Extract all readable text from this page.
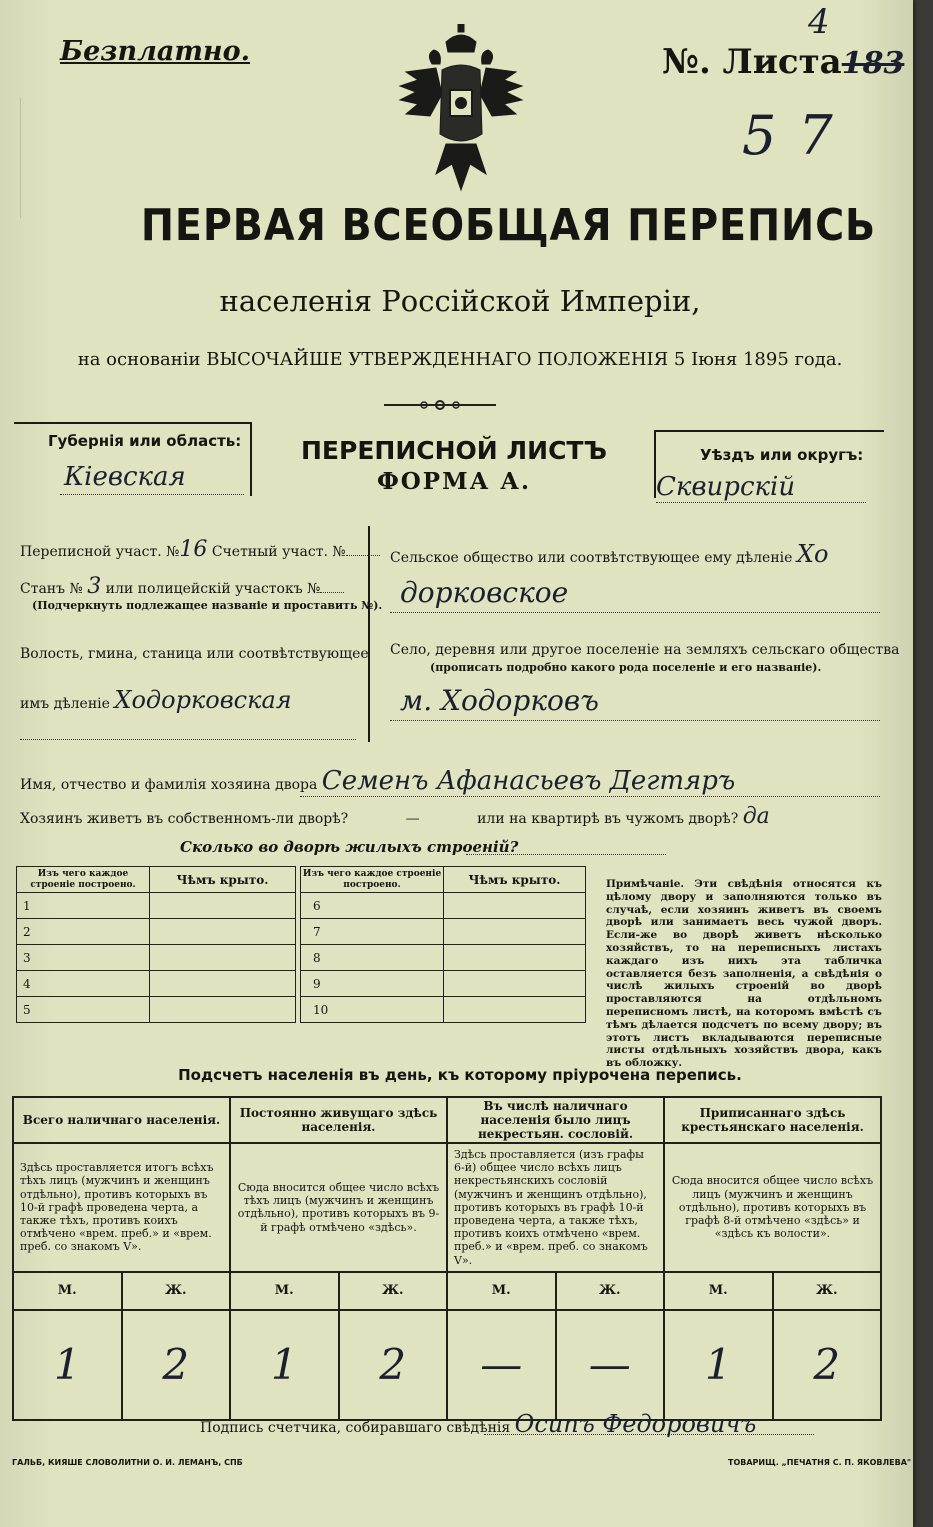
Безплатно.	№. Листа183
4
57
ПЕРВАЯ ВСЕОБЩАЯ ПЕРЕПИСЬ
населенія Россійской Имперіи,
на основаніи ВЫСОЧАЙШЕ УТВЕРЖДЕННАГО ПОЛОЖЕНІЯ 5 Іюня 1895 года.
Губернія или область:
Кіевская
ПЕРЕПИСНОЙ ЛИСТЪ
ФОРМА А.
Уѣздъ или округъ:
Сквирскій
Переписной участ. №16 Счетный участ. №
Станъ № 3 или полицейскій участокъ №
(Подчеркнуть подлежащее названіе и проставить №).
Волость, гмина, станица или соотвѣтствующее
имъ дѣленіе Ходорковская
Сельское общество или соотвѣтствующее ему дѣленіе Хо
дорковское
Село, деревня или другое поселеніе на земляхъ сельскаго общества
(прописать подробно какого рода поселеніе и его названіе).
м. Ходорковъ
Имя, отчество и фамилія хозяина двора Семенъ Афанасьевъ Дегтяръ
Хозяинъ живетъ въ собственномъ-ли дворѣ?	—	или на квартирѣ въ чужомъ дворѣ? да
Сколько во дворѣ жилыхъ строеній?
Изъ чего каждое строеніе построено.	Чѣмъ крыто.
1	
2	
3	
4	
5	
Изъ чего каждое строеніе построено.	Чѣмъ крыто.
6	
7	
8	
9	
10	
Примѣчаніе. Эти свѣдѣнія относятся къ цѣлому двору и заполняются только въ случаѣ, если хозяинъ живетъ въ своемъ дворѣ или занимаетъ весь чужой дворъ. Если-же во дворѣ живетъ нѣсколько хозяйствъ, то на переписныхъ листахъ каждаго изъ нихъ эта табличка оставляется безъ заполненія, а свѣдѣнія о числѣ жилыхъ строеній во дворѣ проставляются на отдѣльномъ переписномъ листѣ, на которомъ вмѣстѣ съ тѣмъ дѣлается подсчетъ по всему двору; въ этотъ листъ вкладываются переписные листы отдѣльныхъ хозяйствъ двора, какъ въ обложку.
Подсчетъ населенія въ день, къ которому пріурочена перепись.
Всего наличнаго населенія.		Постоянно живущаго здѣсь населенія.		Въ числѣ наличнаго населенія было лицъ некрестьян. сословій.		Приписаннаго здѣсь крестьянскаго населенія.	
Здѣсь проставляется итогъ всѣхъ тѣхъ лицъ (мужчинъ и женщинъ отдѣльно), противъ которыхъ въ 10-й графѣ проведена черта, а также тѣхъ, противъ коихъ отмѣчено «врем. преб.» и «врем. преб. со знакомъ V».		Сюда вносится общее число всѣхъ тѣхъ лицъ (мужчинъ и женщинъ отдѣльно), противъ которыхъ въ 9-й графѣ отмѣчено «здѣсь».		Здѣсь проставляется (изъ графы 6-й) общее число всѣхъ лицъ некрестьянскихъ сословій (мужчинъ и женщинъ отдѣльно), противъ которыхъ въ графѣ 10-й проведена черта, а также тѣхъ, противъ коихъ отмѣчено «врем. преб.» и «врем. преб. со знакомъ V».		Сюда вносится общее число всѣхъ лицъ (мужчинъ и женщинъ отдѣльно), противъ которыхъ въ графѣ 8-й отмѣчено «здѣсь» и «здѣсь къ волости».	
М.	Ж.	М.	Ж.	М.	Ж.	М.	Ж.
1	2	1	2	—	—	1	2
Подпись счетчика, собиравшаго свѣдѣнія Осипъ Федоровичъ
ГАЛЬБ, КИЯШЕ СЛОВОЛИТНИ О. И. ЛЕМАНЪ, СПБ	ТОВАРИЩ. „ПЕЧАТНЯ С. П. ЯКОВЛЕВА"
